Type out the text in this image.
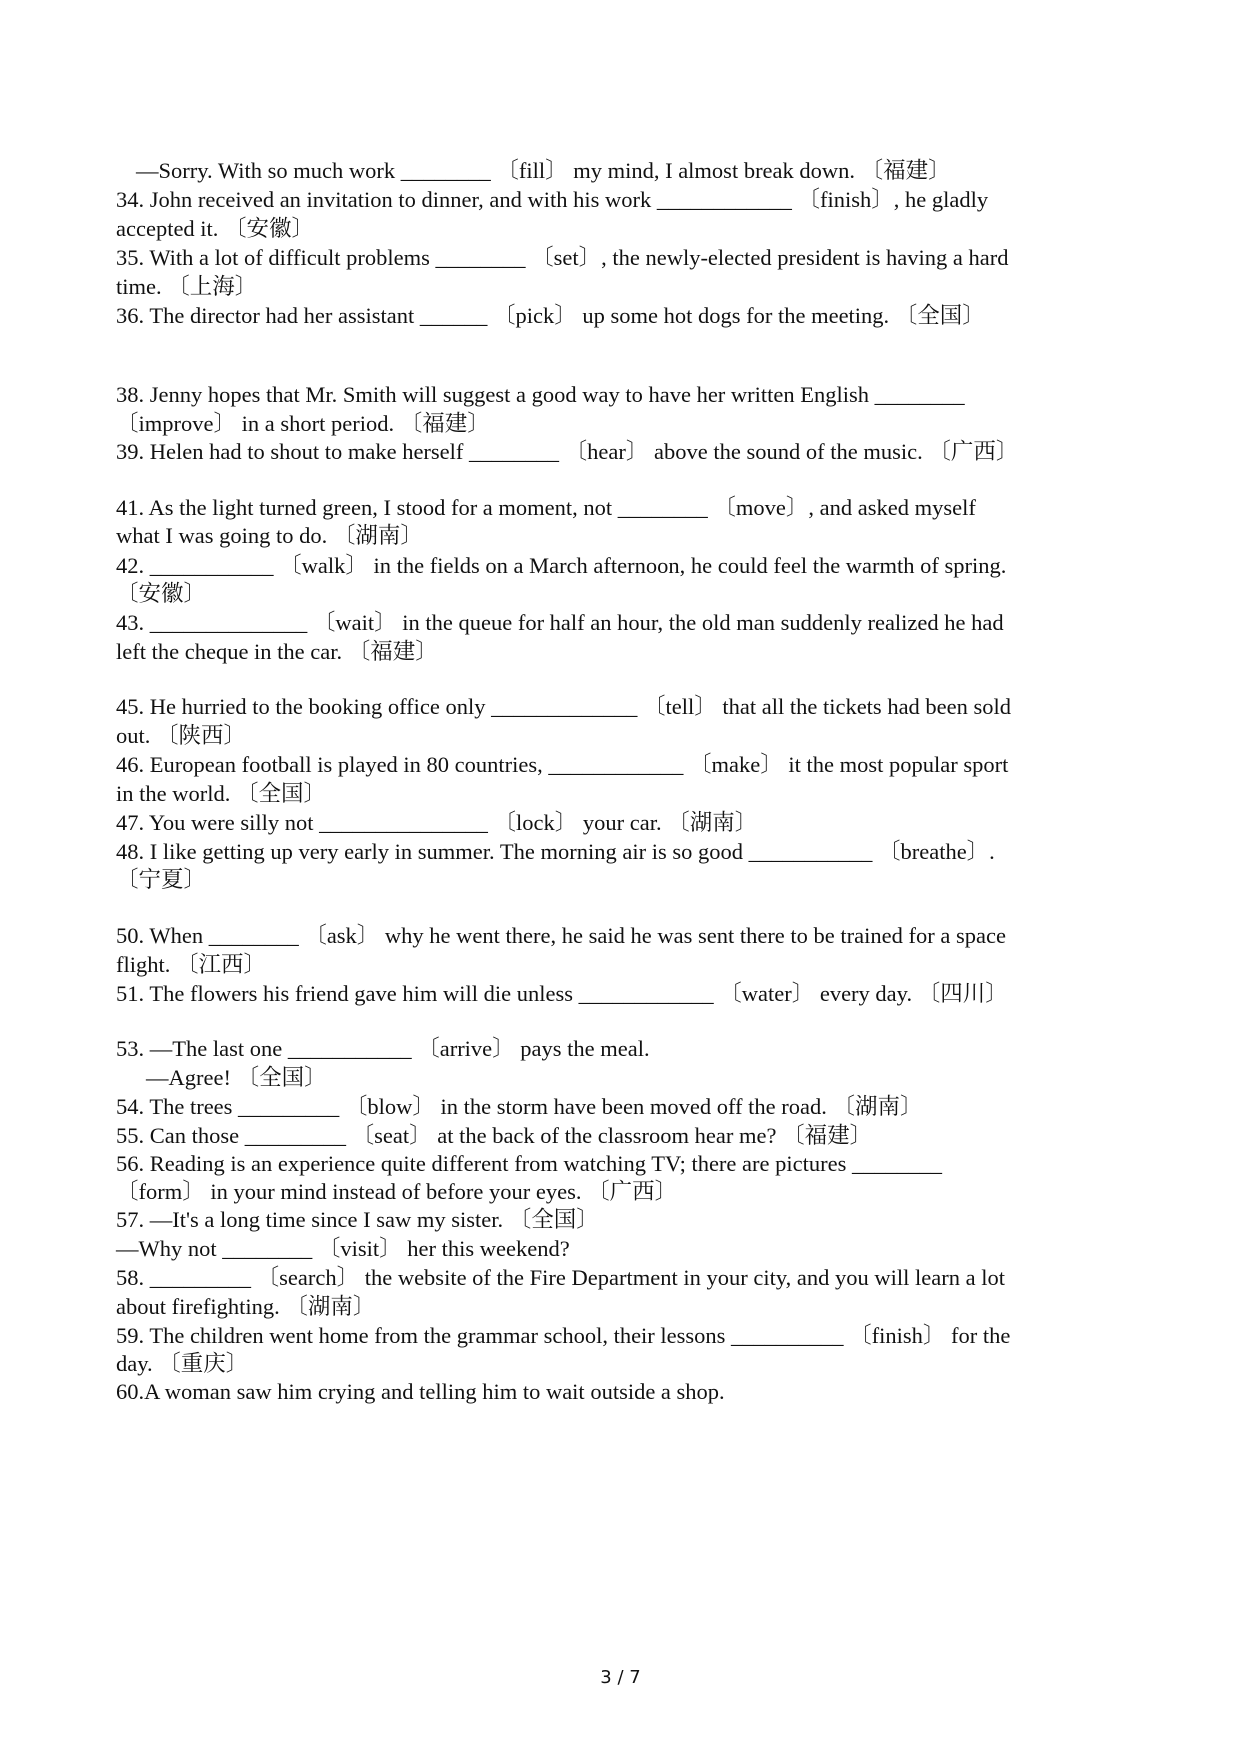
—Sorry. With so much work ________ 〔fill〕 my mind, I almost break down. 〔福建〕
34. John received an invitation to dinner, and with his work ____________ 〔finish〕, he gladly
accepted it. 〔安徽〕
35. With a lot of difficult problems ________ 〔set〕, the newly-elected president is having a hard
time. 〔上海〕
36. The director had her assistant ______ 〔pick〕 up some hot dogs for the meeting. 〔全国〕
38. Jenny hopes that Mr. Smith will suggest a good way to have her written English ________
〔improve〕 in a short period. 〔福建〕
39. Helen had to shout to make herself ________ 〔hear〕 above the sound of the music. 〔广西〕
41. As the light turned green, I stood for a moment, not ________ 〔move〕, and asked myself
what I was going to do. 〔湖南〕
42. ___________ 〔walk〕 in the fields on a March afternoon, he could feel the warmth of spring.
〔安徽〕
43. ______________ 〔wait〕 in the queue for half an hour, the old man suddenly realized he had
left the cheque in the car. 〔福建〕
45. He hurried to the booking office only _____________ 〔tell〕 that all the tickets had been sold
out. 〔陕西〕
46. European football is played in 80 countries, ____________ 〔make〕 it the most popular sport
in the world. 〔全国〕
47. You were silly not _______________ 〔lock〕 your car. 〔湖南〕
48. I like getting up very early in summer. The morning air is so good ___________ 〔breathe〕.
〔宁夏〕
50. When ________ 〔ask〕 why he went there, he said he was sent there to be trained for a space
flight. 〔江西〕
51. The flowers his friend gave him will die unless ____________ 〔water〕 every day. 〔四川〕
53. —The last one ___________ 〔arrive〕 pays the meal.
—Agree! 〔全国〕
54. The trees _________ 〔blow〕 in the storm have been moved off the road. 〔湖南〕
55. Can those _________ 〔seat〕 at the back of the classroom hear me? 〔福建〕
56. Reading is an experience quite different from watching TV; there are pictures ________
〔form〕 in your mind instead of before your eyes. 〔广西〕
57. —It's a long time since I saw my sister. 〔全国〕
—Why not ________ 〔visit〕 her this weekend?
58. _________ 〔search〕 the website of the Fire Department in your city, and you will learn a lot
about firefighting. 〔湖南〕
59. The children went home from the grammar school, their lessons __________ 〔finish〕 for the
day. 〔重庆〕
60.A woman saw him crying and telling him to wait outside a shop.
3 / 7
